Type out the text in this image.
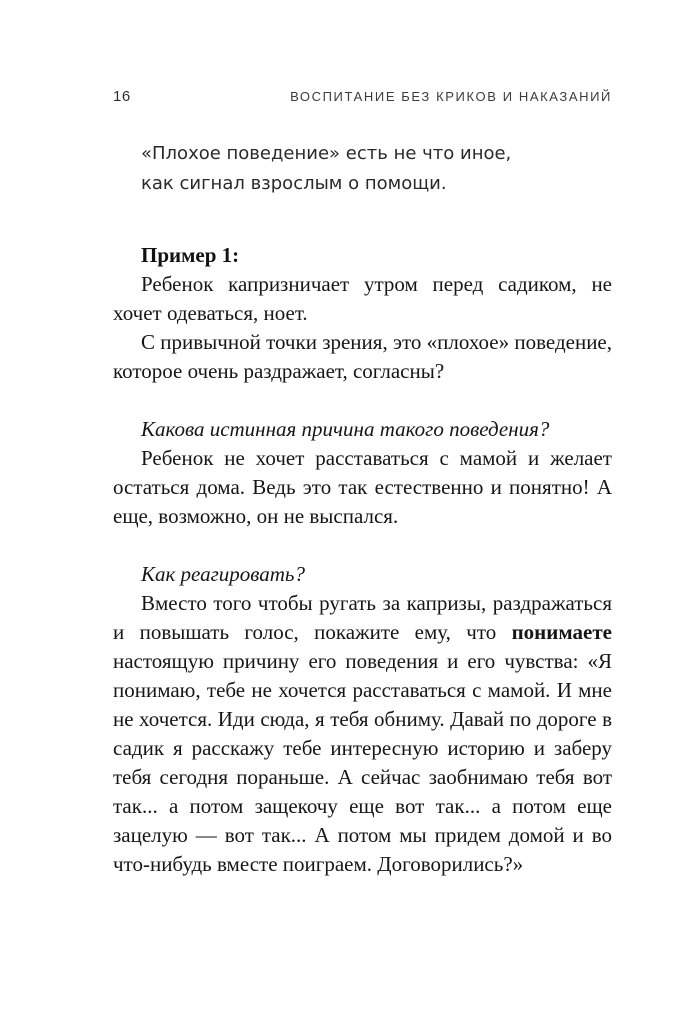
16	ВОСПИТАНИЕ БЕЗ КРИКОВ И НАКАЗАНИЙ
«Плохое поведение» есть не что иное,
как сигнал взрослым о помощи.
Пример 1:

Ребенок капризничает утром перед садиком, не хочет одеваться, ноет.

С привычной точки зрения, это «плохое» поведение, которое очень раздражает, согласны?

Какова истинная причина такого поведения?

Ребенок не хочет расставаться с мамой и желает остаться дома. Ведь это так естественно и понятно! А еще, возможно, он не выспался.

Как реагировать?

Вместо того чтобы ругать за капризы, раздражаться и повышать голос, покажите ему, что понимаете настоящую причину его поведения и его чувства: «Я понимаю, тебе не хочется расставаться с мамой. И мне не хочется. Иди сюда, я тебя обниму. Давай по дороге в садик я расскажу тебе интересную историю и заберу тебя сегодня пораньше. А сейчас заобнимаю тебя вот так... а потом защекочу еще вот так... а потом еще зацелую — вот так... А потом мы придем домой и во что-нибудь вместе поиграем. Договорились?»
